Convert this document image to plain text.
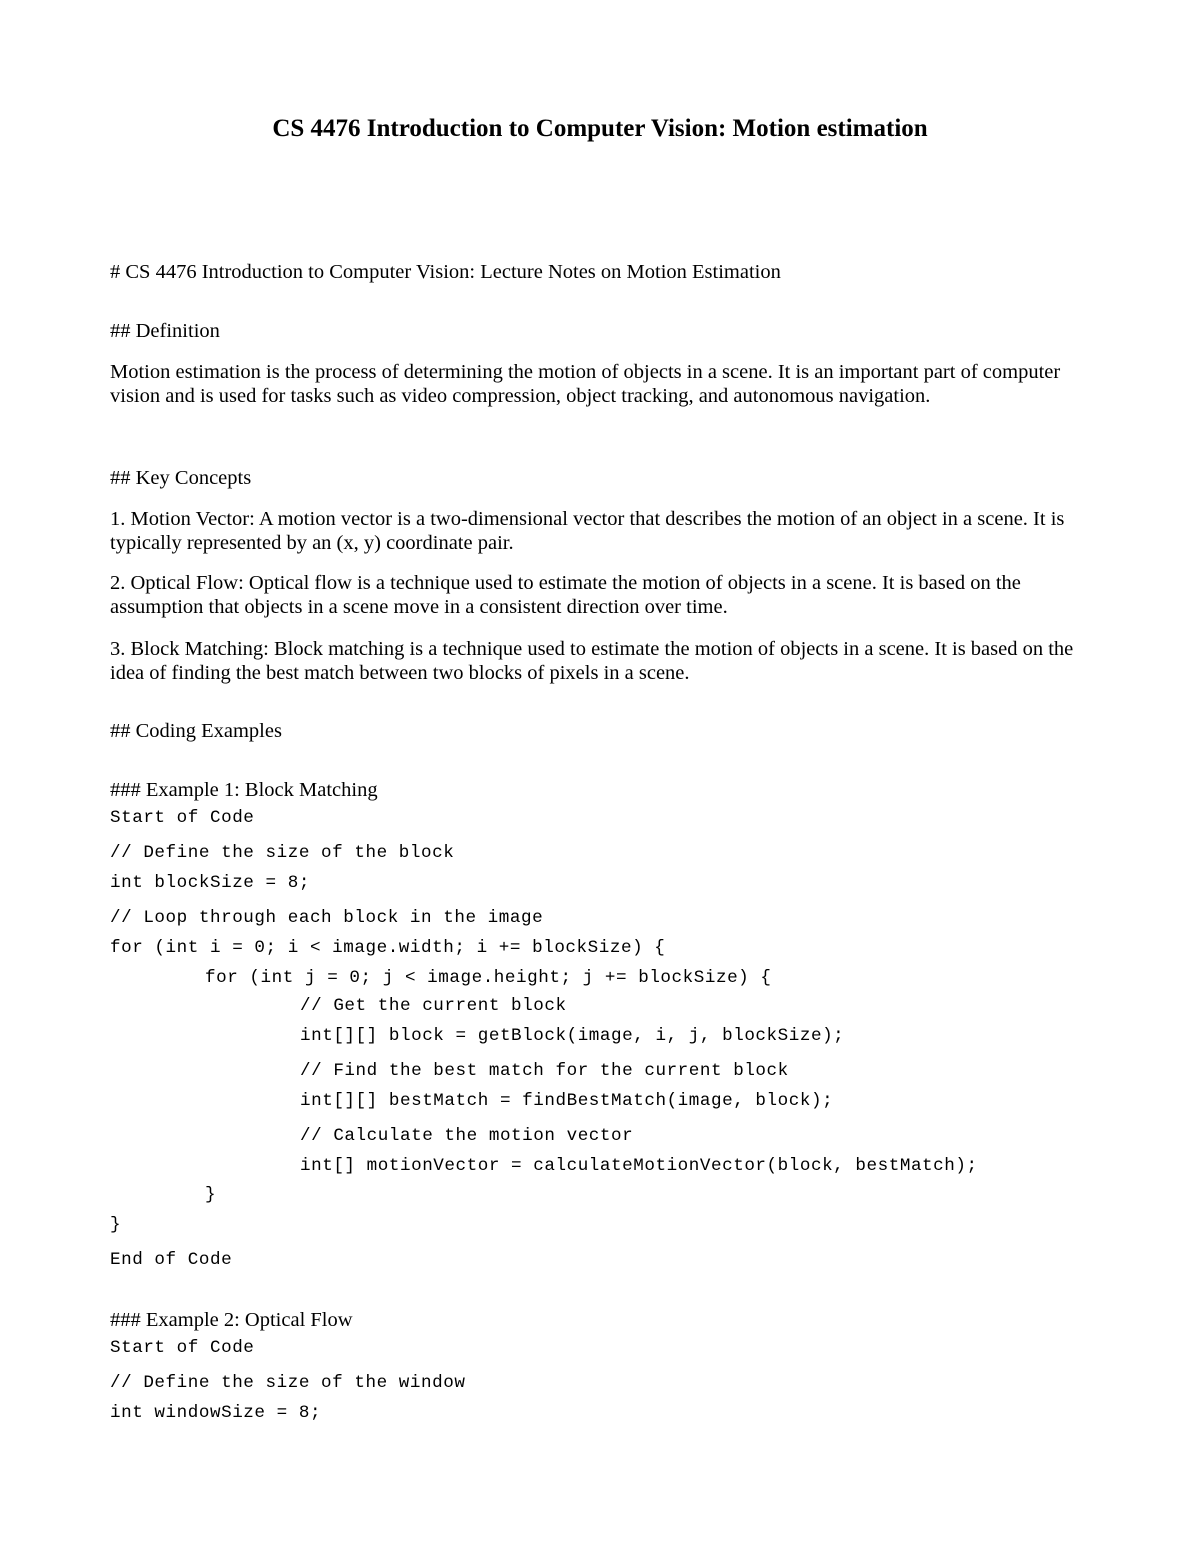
CS 4476 Introduction to Computer Vision: Motion estimation

# CS 4476 Introduction to Computer Vision: Lecture Notes on Motion Estimation

## Definition

Motion estimation is the process of determining the motion of objects in a scene. It is an important part of computer vision and is used for tasks such as video compression, object tracking, and autonomous navigation.

## Key Concepts

1. Motion Vector: A motion vector is a two-dimensional vector that describes the motion of an object in a scene. It is typically represented by an (x, y) coordinate pair.

2. Optical Flow: Optical flow is a technique used to estimate the motion of objects in a scene. It is based on the assumption that objects in a scene move in a consistent direction over time.

3. Block Matching: Block matching is a technique used to estimate the motion of objects in a scene. It is based on the idea of finding the best match between two blocks of pixels in a scene.

## Coding Examples

### Example 1: Block Matching

Start of Code
// Define the size of the block
int blockSize = 8;
// Loop through each block in the image
for (int i = 0; i < image.width; i += blockSize) {
for (int j = 0; j < image.height; j += blockSize) {
// Get the current block
int[][] block = getBlock(image, i, j, blockSize);
// Find the best match for the current block
int[][] bestMatch = findBestMatch(image, block);
// Calculate the motion vector
int[] motionVector = calculateMotionVector(block, bestMatch);
}
}
End of Code

### Example 2: Optical Flow

Start of Code
// Define the size of the window
int windowSize = 8;
